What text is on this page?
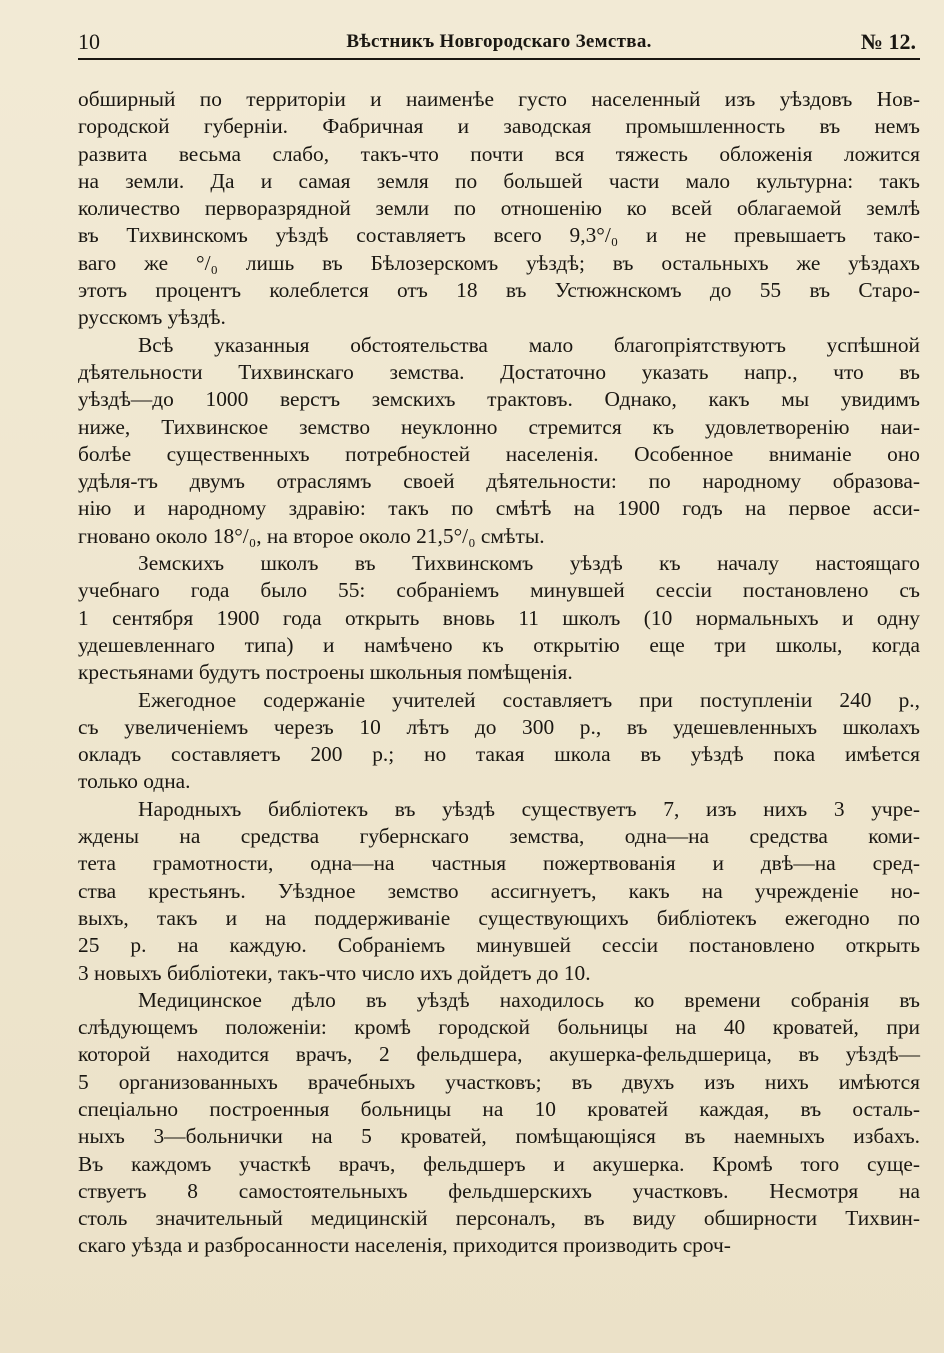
10	Вѣстникъ Новгородскаго Земства.	№ 12.
обширный по территоріи и наименѣе густо населенный изъ уѣздовъ Нов-
городской губерніи. Фабричная и заводская промышленность въ немъ
развита весьма слабо, такъ-что почти вся тяжесть обложенія ложится
на земли. Да и самая земля по большей части мало культурна: такъ
количество перворазрядной земли по отношенію ко всей облагаемой землѣ
въ Тихвинскомъ уѣздѣ составляетъ всего 9,3°/₀ и не превышаетъ тако-
ваго же °/₀ лишь въ Бѣлозерскомъ уѣздѣ; въ остальныхъ же уѣздахъ
этотъ процентъ колеблется отъ 18 въ Устюжнскомъ до 55 въ Старо-
русскомъ уѣздѣ.
Всѣ указанныя обстоятельства мало благопріятствуютъ успѣшной
дѣятельности Тихвинскаго земства. Достаточно указать напр., что въ
уѣздѣ—до 1000 верстъ земскихъ трактовъ. Однако, какъ мы увидимъ
ниже, Тихвинское земство неуклонно стремится къ удовлетворенію наи-
болѣе существенныхъ потребностей населенія. Особенное вниманіе оно
удѣля-тъ двумъ отраслямъ своей дѣятельности: по народному образова-
нію и народному здравію: такъ по смѣтѣ на 1900 годъ на первое асси-
гновано около 18°/₀, на второе около 21,5°/₀ смѣты.
Земскихъ школъ въ Тихвинскомъ уѣздѣ къ началу настоящаго
учебнаго года было 55: собраніемъ минувшей сессіи постановлено съ
1 сентября 1900 года открыть вновь 11 школъ (10 нормальныхъ и одну
удешевленнаго типа) и намѣчено къ открытію еще три школы, когда
крестьянами будутъ построены школьныя помѣщенія.
Ежегодное содержаніе учителей составляетъ при поступленіи 240 р.,
съ увеличеніемъ черезъ 10 лѣтъ до 300 р., въ удешевленныхъ школахъ
окладъ составляетъ 200 р.; но такая школа въ уѣздѣ пока имѣется
только одна.
Народныхъ библіотекъ въ уѣздѣ существуетъ 7, изъ нихъ 3 учре-
ждены на средства губернскаго земства, одна—на средства коми-
тета грамотности, одна—на частныя пожертвованія и двѣ—на сред-
ства крестьянъ. Уѣздное земство ассигнуетъ, какъ на учрежденіе но-
выхъ, такъ и на поддерживаніе существующихъ библіотекъ ежегодно по
25 р. на каждую. Собраніемъ минувшей сессіи постановлено открыть
3 новыхъ библіотеки, такъ-что число ихъ дойдетъ до 10.
Медицинское дѣло въ уѣздѣ находилось ко времени собранія въ
слѣдующемъ положеніи: кромѣ городской больницы на 40 кроватей, при
которой находится врачъ, 2 фельдшера, акушерка-фельдшерица, въ уѣздѣ—
5 организованныхъ врачебныхъ участковъ; въ двухъ изъ нихъ имѣются
спеціально построенныя больницы на 10 кроватей каждая, въ осталь-
ныхъ 3—больнички на 5 кроватей, помѣщающіяся въ наемныхъ избахъ.
Въ каждомъ участкѣ врачъ, фельдшеръ и акушерка. Кромѣ того суще-
ствуетъ 8 самостоятельныхъ фельдшерскихъ участковъ. Несмотря на
столь значительный медицинскій персоналъ, въ виду обширности Тихвин-
скаго уѣзда и разбросанности населенія, приходится производить сроч-
